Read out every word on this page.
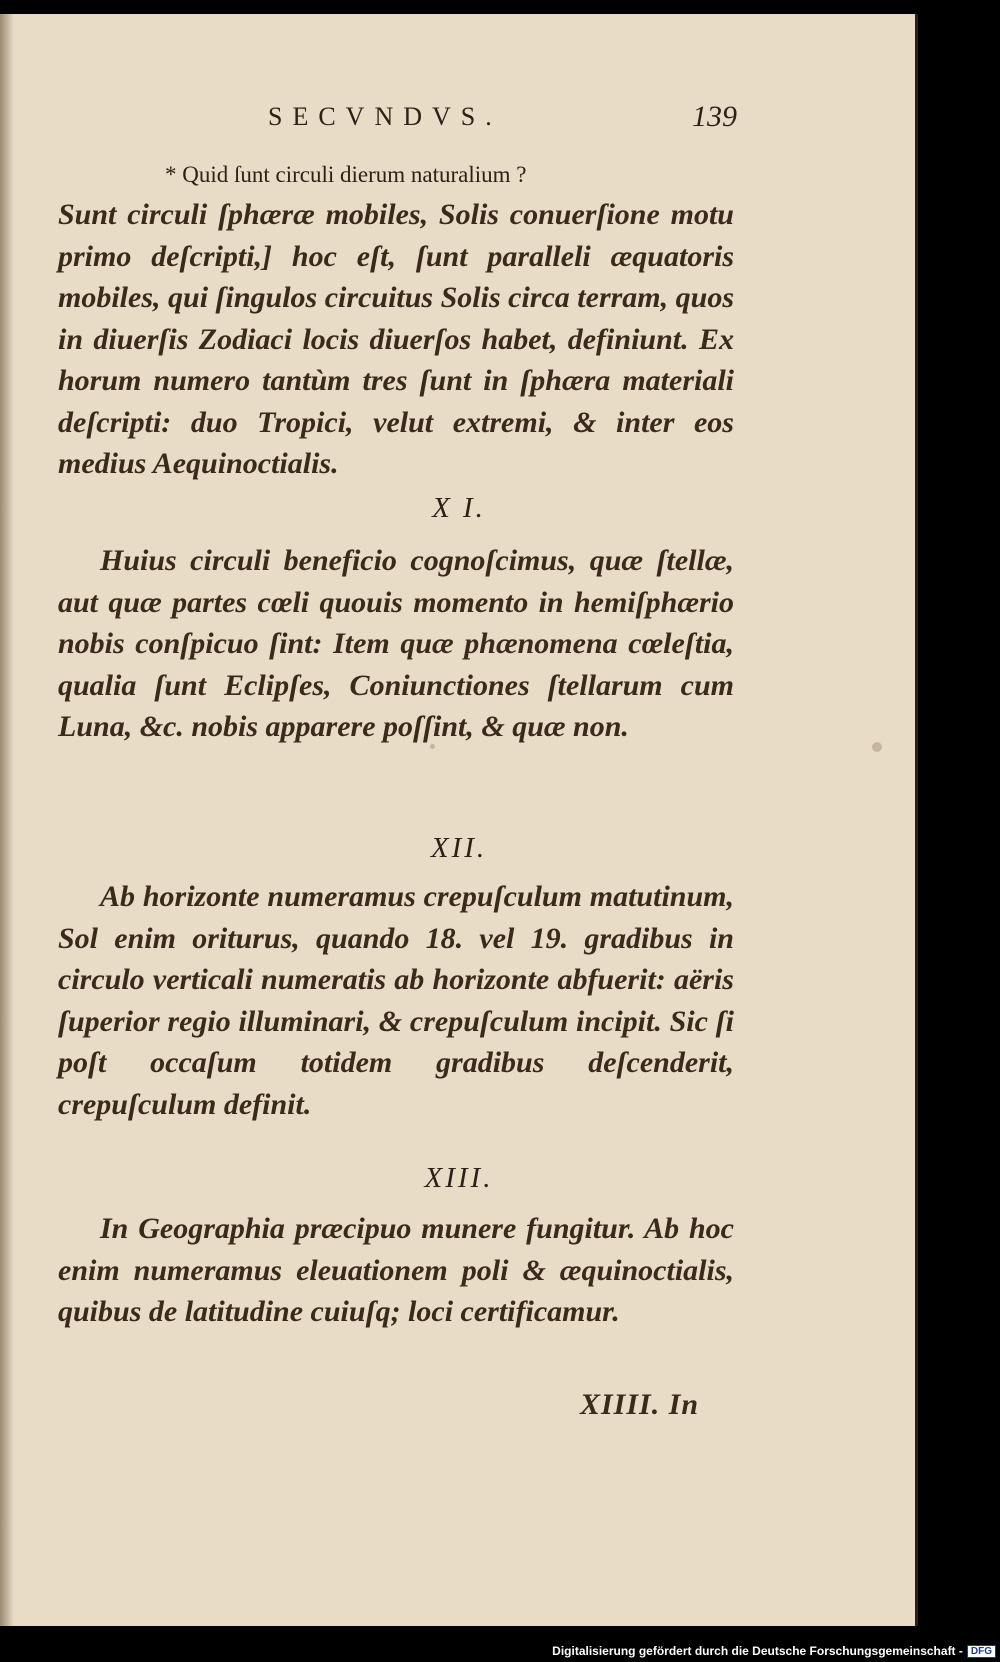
SECVNDVS.	139
* Quid ſunt circuli dierum naturalium ?

Sunt circuli ſphæræ mobiles, Solis conuerſione motu primo deſcripti,] hoc eſt, ſunt paralleli æquatoris mobiles, qui ſingulos circuitus Solis circa terram, quos in diuerſis Zodiaci locis diuerſos habet, definiunt. Ex horum numero tantùm tres ſunt in ſphæra materiali deſcripti: duo Tropici, velut extremi, & inter eos medius Aequinoctialis.

X I.

Huius circuli beneficio cognoſcimus, quæ ſtellæ, aut quæ partes cœli quouis momento in hemiſphærio nobis conſpicuo ſint: Item quæ phænomena cœleſtia, qualia ſunt Eclipſes, Coniunctiones ſtellarum cum Luna, &c. nobis apparere poſſint, & quæ non.

XII.

Ab horizonte numeramus crepuſculum matutinum, Sol enim oriturus, quando 18. vel 19. gradibus in circulo verticali numeratis ab horizonte abfuerit: aëris ſuperior regio illuminari, & crepuſculum incipit. Sic ſi poſt occaſum totidem gradibus deſcenderit, crepuſculum definit.

XIII.

In Geographia præcipuo munere fungitur. Ab hoc enim numeramus eleuationem poli & æquinoctialis, quibus de latitudine cuiuſq; loci certificamur.

XIIII. In
Digitalisierung gefördert durch die Deutsche Forschungsgemeinschaft - DFG
